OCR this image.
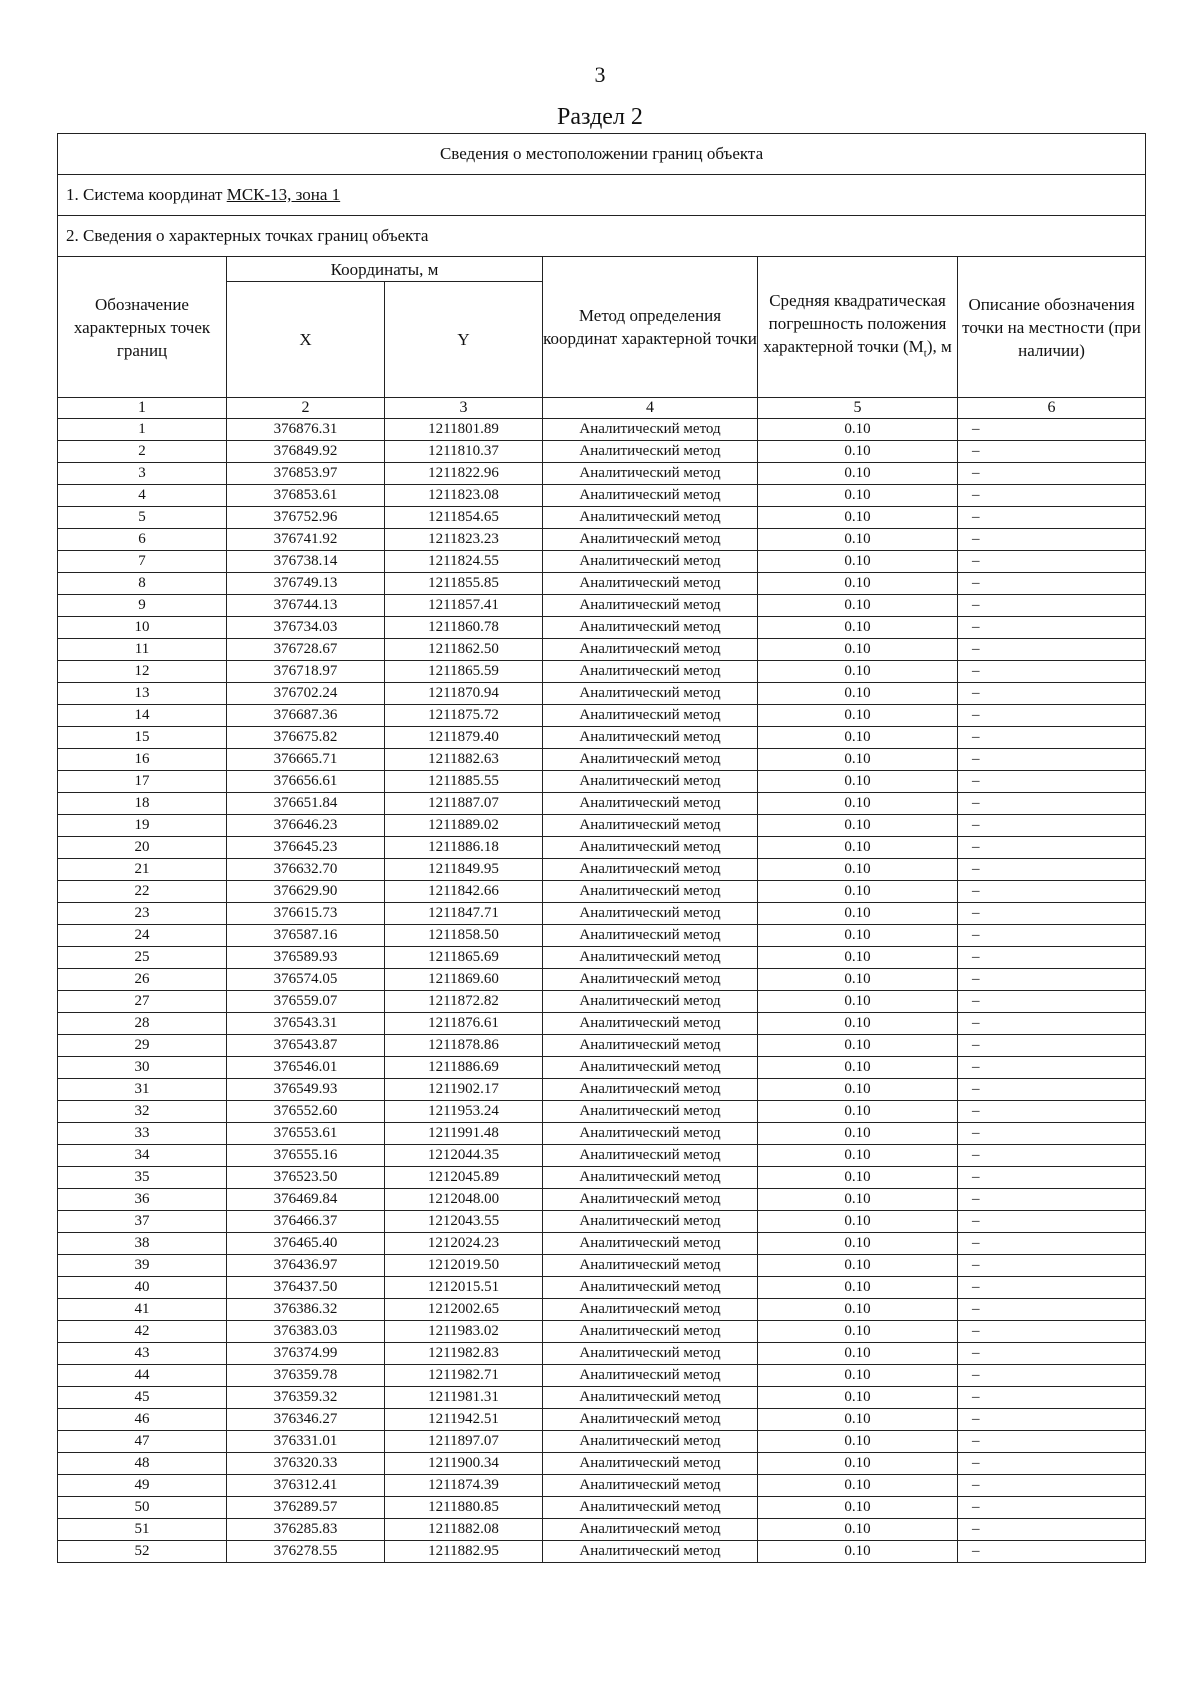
3
Раздел 2
Сведения о местоположении границ объекта					
1. Система координат МСК-13, зона 1					
2. Сведения о характерных точках границ объекта					
Обозначение характерных точек границ	Координаты, м		Метод определения координат характерной точки	Средняя квадратическая погрешность положения характерной точки $(M_t)$, м	Описание обозначения точки на местности (при наличии)
	X	Y			
1	2	3	4	5	6
1	376876.31	1211801.89	Аналитический метод	0.10	–
2	376849.92	1211810.37	Аналитический метод	0.10	–
3	376853.97	1211822.96	Аналитический метод	0.10	–
4	376853.61	1211823.08	Аналитический метод	0.10	–
5	376752.96	1211854.65	Аналитический метод	0.10	–
6	376741.92	1211823.23	Аналитический метод	0.10	–
7	376738.14	1211824.55	Аналитический метод	0.10	–
8	376749.13	1211855.85	Аналитический метод	0.10	–
9	376744.13	1211857.41	Аналитический метод	0.10	–
10	376734.03	1211860.78	Аналитический метод	0.10	–
11	376728.67	1211862.50	Аналитический метод	0.10	–
12	376718.97	1211865.59	Аналитический метод	0.10	–
13	376702.24	1211870.94	Аналитический метод	0.10	–
14	376687.36	1211875.72	Аналитический метод	0.10	–
15	376675.82	1211879.40	Аналитический метод	0.10	–
16	376665.71	1211882.63	Аналитический метод	0.10	–
17	376656.61	1211885.55	Аналитический метод	0.10	–
18	376651.84	1211887.07	Аналитический метод	0.10	–
19	376646.23	1211889.02	Аналитический метод	0.10	–
20	376645.23	1211886.18	Аналитический метод	0.10	–
21	376632.70	1211849.95	Аналитический метод	0.10	–
22	376629.90	1211842.66	Аналитический метод	0.10	–
23	376615.73	1211847.71	Аналитический метод	0.10	–
24	376587.16	1211858.50	Аналитический метод	0.10	–
25	376589.93	1211865.69	Аналитический метод	0.10	–
26	376574.05	1211869.60	Аналитический метод	0.10	–
27	376559.07	1211872.82	Аналитический метод	0.10	–
28	376543.31	1211876.61	Аналитический метод	0.10	–
29	376543.87	1211878.86	Аналитический метод	0.10	–
30	376546.01	1211886.69	Аналитический метод	0.10	–
31	376549.93	1211902.17	Аналитический метод	0.10	–
32	376552.60	1211953.24	Аналитический метод	0.10	–
33	376553.61	1211991.48	Аналитический метод	0.10	–
34	376555.16	1212044.35	Аналитический метод	0.10	–
35	376523.50	1212045.89	Аналитический метод	0.10	–
36	376469.84	1212048.00	Аналитический метод	0.10	–
37	376466.37	1212043.55	Аналитический метод	0.10	–
38	376465.40	1212024.23	Аналитический метод	0.10	–
39	376436.97	1212019.50	Аналитический метод	0.10	–
40	376437.50	1212015.51	Аналитический метод	0.10	–
41	376386.32	1212002.65	Аналитический метод	0.10	–
42	376383.03	1211983.02	Аналитический метод	0.10	–
43	376374.99	1211982.83	Аналитический метод	0.10	–
44	376359.78	1211982.71	Аналитический метод	0.10	–
45	376359.32	1211981.31	Аналитический метод	0.10	–
46	376346.27	1211942.51	Аналитический метод	0.10	–
47	376331.01	1211897.07	Аналитический метод	0.10	–
48	376320.33	1211900.34	Аналитический метод	0.10	–
49	376312.41	1211874.39	Аналитический метод	0.10	–
50	376289.57	1211880.85	Аналитический метод	0.10	–
51	376285.83	1211882.08	Аналитический метод	0.10	–
52	376278.55	1211882.95	Аналитический метод	0.10	–
